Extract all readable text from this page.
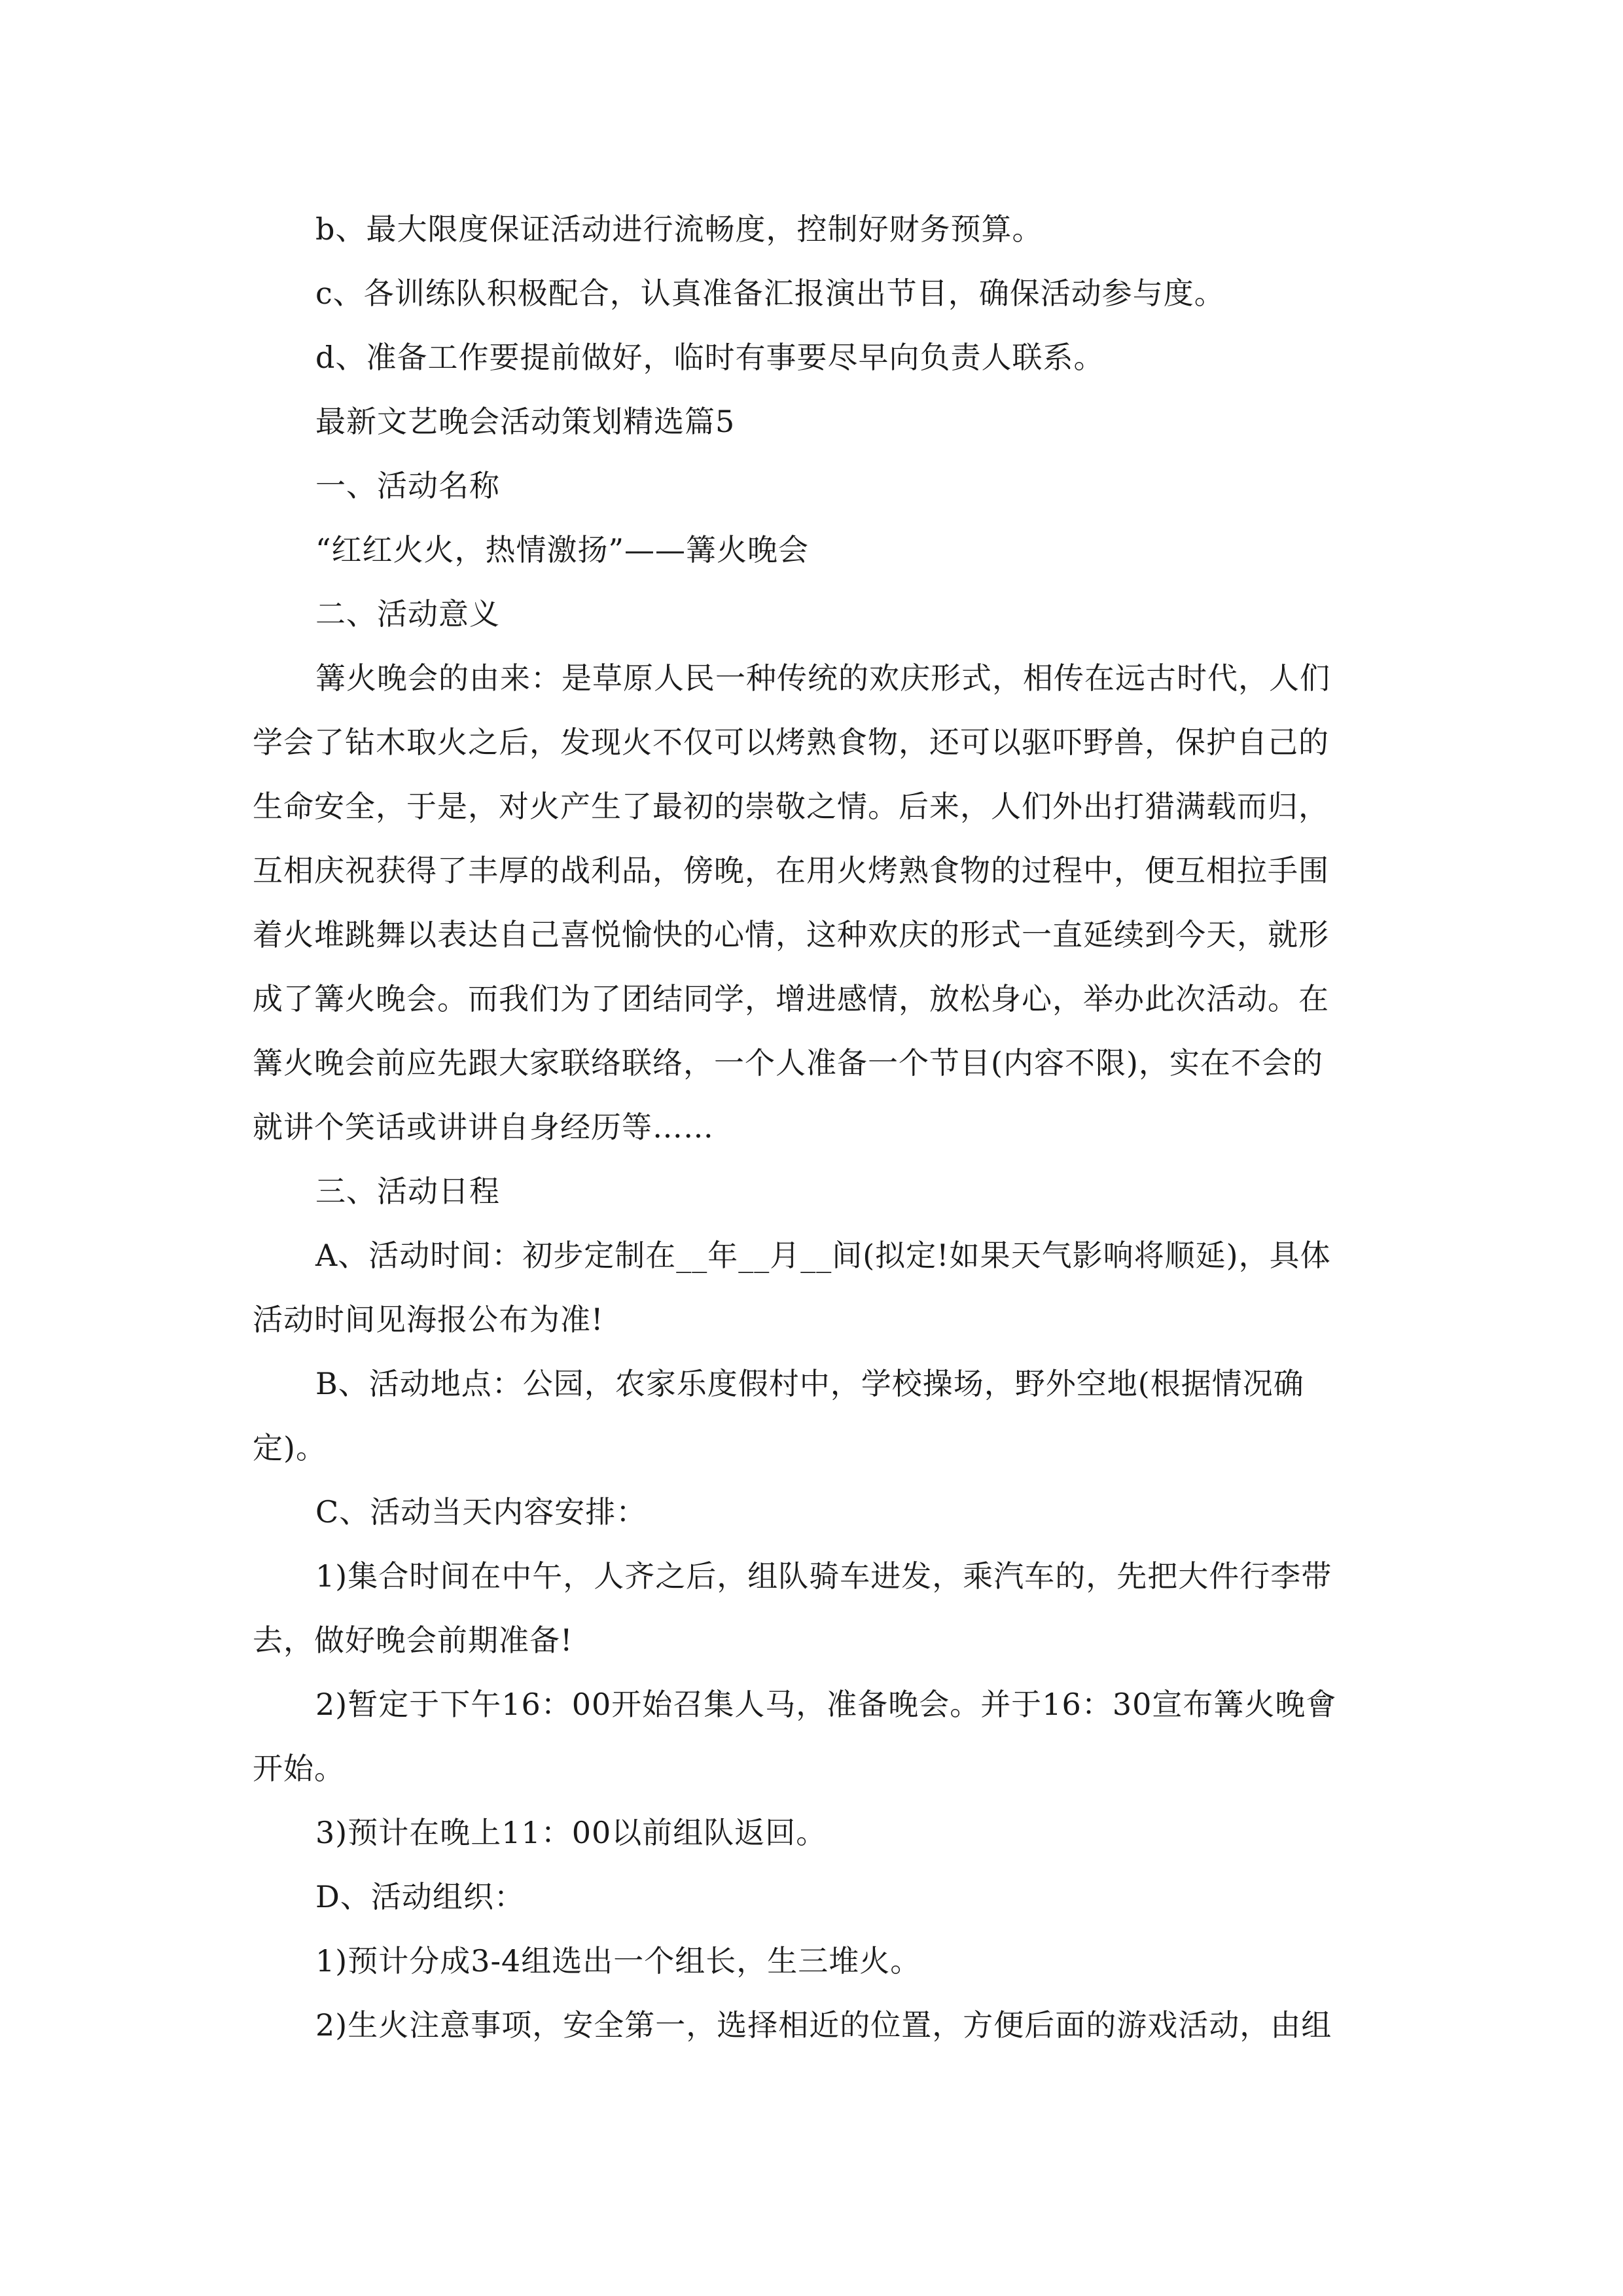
b、最大限度保证活动进行流畅度，控制好财务预算。
c、各训练队积极配合，认真准备汇报演出节目，确保活动参与度。
d、准备工作要提前做好，临时有事要尽早向负责人联系。
最新文艺晚会活动策划精选篇5
一、活动名称
“红红火火，热情激扬”——篝火晚会
二、活动意义
篝火晚会的由来：是草原人民一种传统的欢庆形式，相传在远古时代，人们
学会了钻木取火之后，发现火不仅可以烤熟食物，还可以驱吓野兽，保护自己的
生命安全，于是，对火产生了最初的崇敬之情。后来，人们外出打猎满载而归，
互相庆祝获得了丰厚的战利品，傍晚，在用火烤熟食物的过程中，便互相拉手围
着火堆跳舞以表达自己喜悦愉快的心情，这种欢庆的形式一直延续到今天，就形
成了篝火晚会。而我们为了团结同学，增进感情，放松身心，举办此次活动。在
篝火晚会前应先跟大家联络联络，一个人准备一个节目(内容不限)，实在不会的
就讲个笑话或讲讲自身经历等……
三、活动日程
A、活动时间：初步定制在__年__月__间(拟定!如果天气影响将顺延)，具体
活动时间见海报公布为准!
B、活动地点：公园，农家乐度假村中，学校操场，野外空地(根据情况确
定)。
C、活动当天内容安排：
1)集合时间在中午，人齐之后，组队骑车进发，乘汽车的，先把大件行李带
去，做好晚会前期准备!
2)暂定于下午16：00开始召集人马，准备晚会。并于16：30宣布篝火晚會
开始。
3)预计在晚上11：00以前组队返回。
D、活动组织：
1)预计分成3-4组选出一个组长，生三堆火。
2)生火注意事项，安全第一，选择相近的位置，方便后面的游戏活动，由组
